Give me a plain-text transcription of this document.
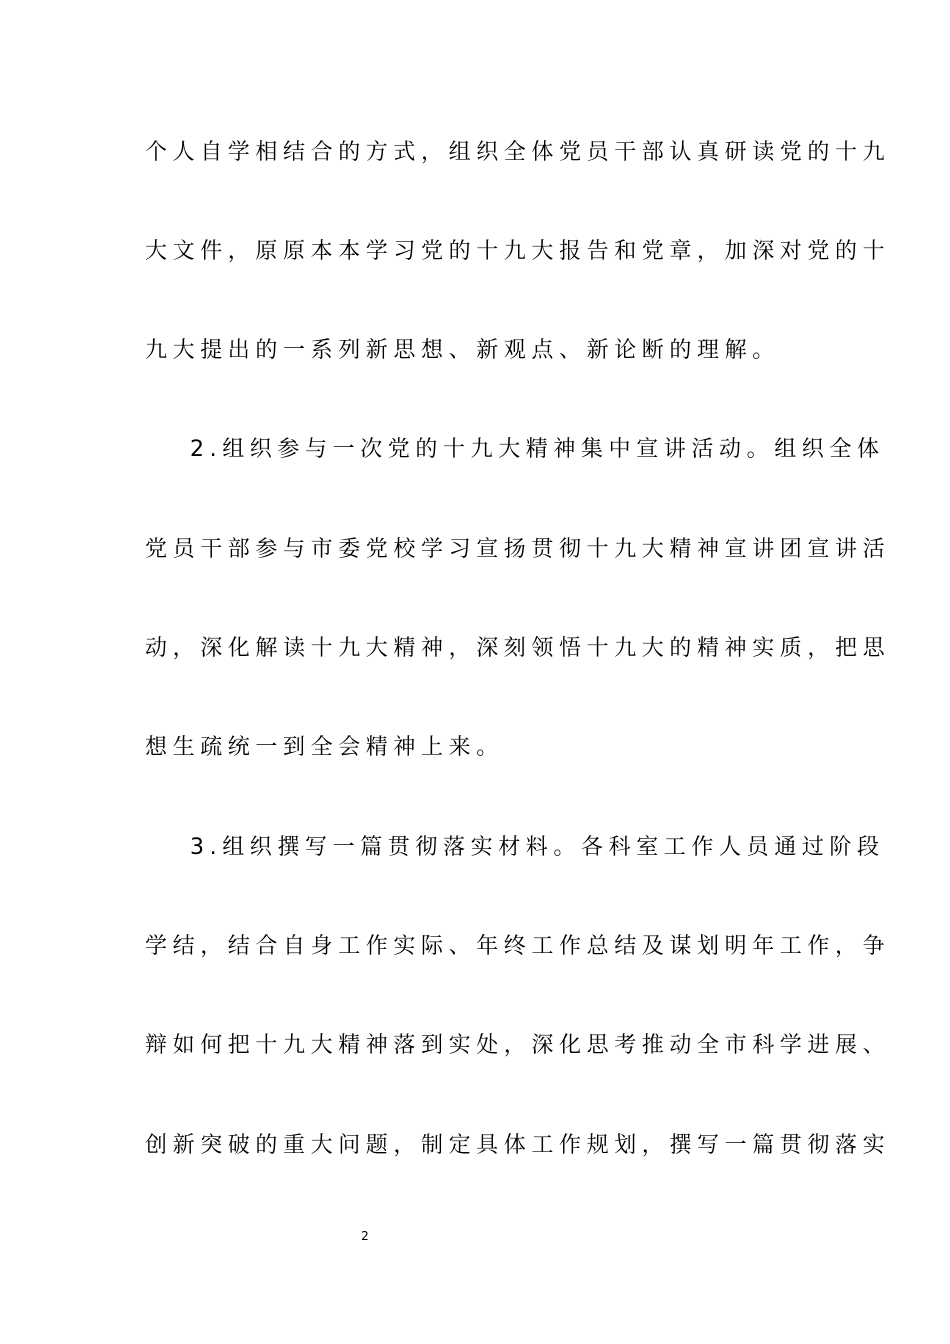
个人自学相结合的方式，组织全体党员干部认真研读党的十九
大文件，原原本本学习党的十九大报告和党章，加深对党的十
九大提出的一系列新思想、新观点、新论断的理解。
2.组织参与一次党的十九大精神集中宣讲活动。组织全体
党员干部参与市委党校学习宣扬贯彻十九大精神宣讲团宣讲活
动，深化解读十九大精神，深刻领悟十九大的精神实质，把思
想生疏统一到全会精神上来。
3.组织撰写一篇贯彻落实材料。各科室工作人员通过阶段
学结，结合自身工作实际、年终工作总结及谋划明年工作，争
辩如何把十九大精神落到实处，深化思考推动全市科学进展、
创新突破的重大问题，制定具体工作规划，撰写一篇贯彻落实
2
